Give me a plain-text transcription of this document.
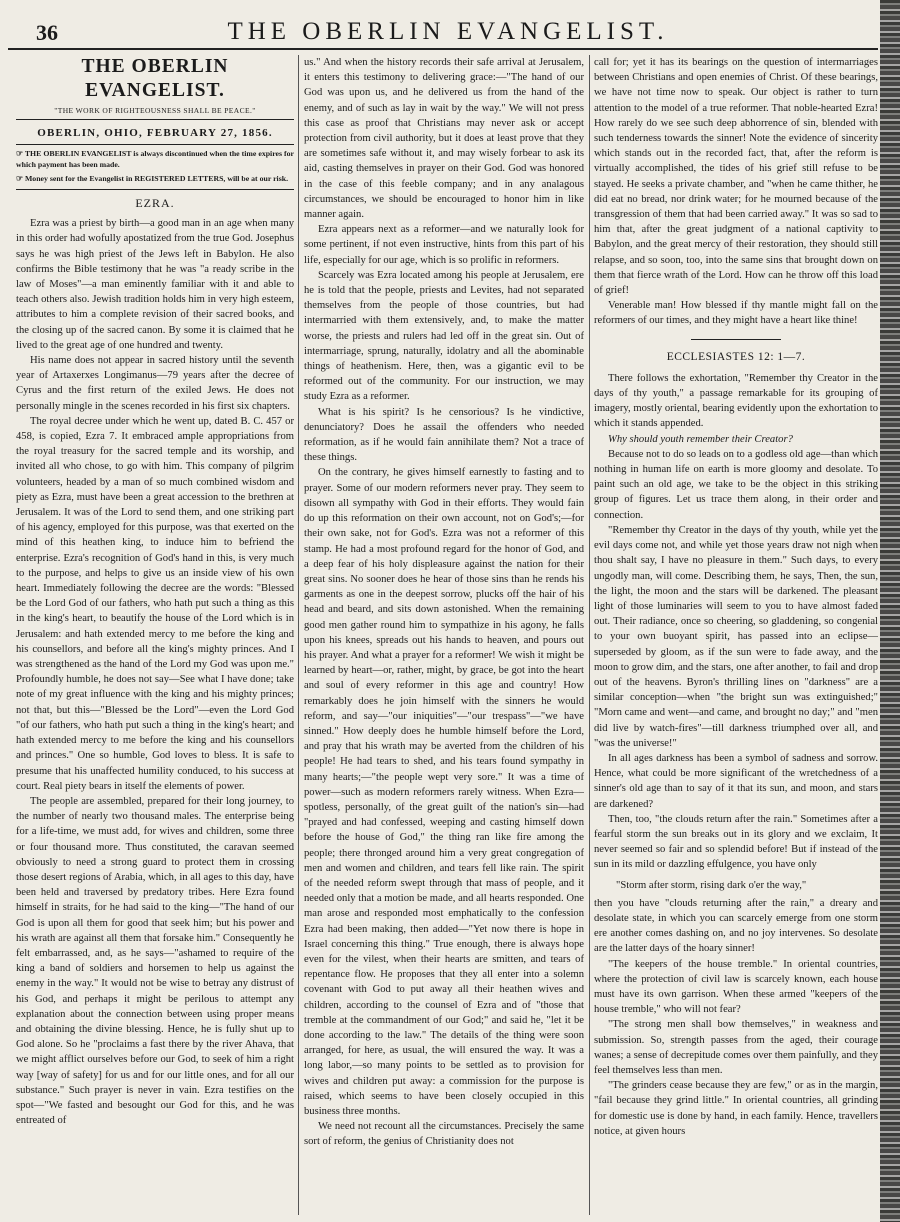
36	THE OBERLIN EVANGELIST.
THE OBERLIN EVANGELIST.
"THE WORK OF RIGHTEOUSNESS SHALL BE PEACE."
OBERLIN, OHIO, FEBRUARY 27, 1856.
☞ THE OBERLIN EVANGELIST is always discontinued when the time expires for which payment has been made.
☞ Money sent for the Evangelist in REGISTERED LETTERS, will be at our risk.
EZRA.

Ezra was a priest by birth—a good man in an age when many in this order had wofully apostatized from the true God. Josephus says he was high priest of the Jews left in Babylon. He also confirms the Bible testimony that he was "a ready scribe in the law of Moses"—a man eminently familiar with it and able to teach others also. Jewish tradition holds him in very high esteem, attributes to him a complete revision of their sacred books, and the closing up of the sacred canon. By some it is claimed that he lived to the great age of one hundred and twenty.

His name does not appear in sacred history until the seventh year of Artaxerxes Longimanus—79 years after the decree of Cyrus and the first return of the exiled Jews. He does not personally mingle in the scenes recorded in his first six chapters.

The royal decree under which he went up, dated B. C. 457 or 458, is copied, Ezra 7. It embraced ample appropriations from the royal treasury for the sacred temple and its worship, and invited all who chose, to go with him. This company of pilgrim volunteers, headed by a man of so much combined wisdom and piety as Ezra, must have been a great accession to the brethren at Jerusalem. It was of the Lord to send them, and one striking part of his agency, employed for this purpose, was that exerted on the mind of this heathen king, to induce him to befriend the enterprise. Ezra's recognition of God's hand in this, is very much to the purpose, and helps to give us an inside view of his own heart. Immediately following the decree are the words: "Blessed be the Lord God of our fathers, who hath put such a thing as this in the king's heart, to beautify the house of the Lord which is in Jerusalem: and hath extended mercy to me before the king and his counsellors, and before all the king's mighty princes. And I was strengthened as the hand of the Lord my God was upon me." Profoundly humble, he does not say—See what I have done; take note of my great influence with the king and his mighty princes; not that, but this—"Blessed be the Lord"—even the Lord God "of our fathers, who hath put such a thing in the king's heart; and hath extended mercy to me before the king and his counsellors and princes." One so humble, God loves to bless. It is safe to presume that his unaffected humility conduced, to his success at court. Real piety bears in itself the elements of power.

The people are assembled, prepared for their long journey, to the number of nearly two thousand males. The enterprise being for a life-time, we must add, for wives and children, some three or four thousand more. Thus constituted, the caravan seemed obviously to need a strong guard to protect them in crossing those desert regions of Arabia, which, in all ages to this day, have been held and traversed by predatory tribes. Here Ezra found himself in straits, for he had said to the king—"The hand of our God is upon all them for good that seek him; but his power and his wrath are against all them that forsake him." Consequently he felt embarrassed, and, as he says—"ashamed to require of the king a band of soldiers and horsemen to help us against the enemy in the way." It would not be wise to betray any distrust of his God, and perhaps it might be perilous to attempt any explanation about the connection between using proper means and obtaining the divine blessing. Hence, he is fully shut up to God alone. So he "proclaims a fast there by the river Ahava, that we might afflict ourselves before our God, to seek of him a right way [way of safety] for us and for our little ones, and for all our substance." Such prayer is never in vain. Ezra testifies on the spot—"We fasted and besought our God for this, and he was entreated of

us." And when the history records their safe arrival at Jerusalem, it enters this testimony to delivering grace:—"The hand of our God was upon us, and he delivered us from the hand of the enemy, and of such as lay in wait by the way." We will not press this case as proof that Christians may never ask or accept protection from civil authority, but it does at least prove that they are sometimes safe without it, and may wisely forbear to ask its aid, casting themselves in prayer on their God. God was honored in the case of this feeble company; and in any analagous circumstances, we should be encouraged to honor him in like manner again.

Ezra appears next as a reformer—and we naturally look for some pertinent, if not even instructive, hints from this part of his life, especially for our age, which is so prolific in reformers.

Scarcely was Ezra located among his people at Jerusalem, ere he is told that the people, priests and Levites, had not separated themselves from the people of those countries, but had intermarried with them extensively, and, to make the matter worse, the priests and rulers had led off in the great sin. Out of intermarriage, sprung, naturally, idolatry and all the abominable things of heathenism. Here, then, was a gigantic evil to be reformed out of the community. For our instruction, we may study Ezra as a reformer.

What is his spirit? Is he censorious? Is he vindictive, denunciatory? Does he assail the offenders who needed reformation, as if he would fain annihilate them? Not a trace of these things.

On the contrary, he gives himself earnestly to fasting and to prayer. Some of our modern reformers never pray. They seem to disown all sympathy with God in their efforts. They would fain do up this reformation on their own account, not on God's;—for their own sake, not for God's. Ezra was not a reformer of this stamp. He had a most profound regard for the honor of God, and a deep fear of his holy displeasure against the nation for their great sins. No sooner does he hear of those sins than he rends his garments as one in the deepest sorrow, plucks off the hair of his head and beard, and sits down astonished. When the remaining good men gather round him to sympathize in his agony, he falls upon his knees, spreads out his hands to heaven, and pours out his prayer. And what a prayer for a reformer! We wish it might be learned by heart—or, rather, might, by grace, be got into the heart and soul of every reformer in this age and country! How remarkably does he join himself with the sinners he would reform, and say—"our iniquities"—"our trespass"—"we have sinned." How deeply does he humble himself before the Lord, and pray that his wrath may be averted from the children of his people! He had tears to shed, and his tears found sympathy in many hearts;—"the people wept very sore." It was a time of power—such as modern reformers rarely witness. When Ezra—spotless, personally, of the great guilt of the nation's sin—had "prayed and had confessed, weeping and casting himself down before the house of God," the thing ran like fire among the people; there thronged around him a very great congregation of men and women and children, and tears fell like rain. The spirit of the needed reform swept through that mass of people, and it needed only that a motion be made, and all hearts responded. One man arose and responded most emphatically to the confession Ezra had been making, then added—"Yet now there is hope in Israel concerning this thing." True enough, there is always hope even for the vilest, when their hearts are smitten, and tears of repentance flow. He proposes that they all enter into a solemn covenant with God to put away all their heathen wives and children, according to the counsel of Ezra and of "those that tremble at the commandment of our God;" and said he, "let it be done according to the law." The details of the thing were soon arranged, for here, as usual, the will ensured the way. It was a long labor,—so many points to be settled as to provision for wives and children put away: a commission for the purpose is raised, which seems to have been closely occupied in this business three months.

We need not recount all the circumstances. Precisely the same sort of reform, the genius of Christianity does not

call for; yet it has its bearings on the question of intermarriages between Christians and open enemies of Christ. Of these bearings, we have not time now to speak. Our object is rather to turn attention to the model of a true reformer. That noble-hearted Ezra! How rarely do we see such deep abhorrence of sin, blended with such tenderness towards the sinner! Note the evidence of sincerity which stands out in the recorded fact, that, after the reform is virtually accomplished, the tides of his grief still refuse to be stayed. He seeks a private chamber, and "when he came thither, he did eat no bread, nor drink water; for he mourned because of the transgression of them that had been carried away." It was so sad to him that, after the great judgment of a national captivity to Babylon, and the great mercy of their restoration, they should still relapse, and so soon, too, into the same sins that brought down on them that fierce wrath of the Lord. How can he throw off this load of grief!

Venerable man! How blessed if thy mantle might fall on the reformers of our times, and they might have a heart like thine!

ECCLESIASTES 12: 1—7.

There follows the exhortation, "Remember thy Creator in the days of thy youth," a passage remarkable for its grouping of imagery, mostly oriental, bearing evidently upon the exhortation to which it stands appended.

Why should youth remember their Creator?

Because not to do so leads on to a godless old age—than which nothing in human life on earth is more gloomy and desolate. To paint such an old age, we take to be the object in this striking group of figures. Let us trace them along, in their order and connection.

"Remember thy Creator in the days of thy youth, while yet the evil days come not, and while yet those years draw not nigh when thou shalt say, I have no pleasure in them." Such days, to every ungodly man, will come. Describing them, he says, Then, the sun, the light, the moon and the stars will be darkened. The pleasant light of those luminaries will seem to you to have almost faded out. Their radiance, once so cheering, so gladdening, so congenial to your own buoyant spirit, has passed into an eclipse—superseded by gloom, as if the sun were to fade away, and the moon to grow dim, and the stars, one after another, to fail and drop out of the heavens. Byron's thrilling lines on "darkness" are a similar conception—when "the bright sun was extinguished;" "Morn came and went—and came, and brought no day;" and "men did live by watch-fires"—till darkness triumphed over all, and "was the universe!"

In all ages darkness has been a symbol of sadness and sorrow. Hence, what could be more significant of the wretchedness of a sinner's old age than to say of it that its sun, and moon, and stars are darkened?

Then, too, "the clouds return after the rain." Sometimes after a fearful storm the sun breaks out in its glory and we exclaim, It never seemed so fair and so splendid before! But if instead of the sun in its mild or dazzling effulgence, you have only

"Storm after storm, rising dark o'er the way,"

then you have "clouds returning after the rain," a dreary and desolate state, in which you can scarcely emerge from one storm ere another comes dashing on, and no joy intervenes. So desolate are the latter days of the hoary sinner!

"The keepers of the house tremble." In oriental countries, where the protection of civil law is scarcely known, each house must have its own garrison. When these armed "keepers of the house tremble," who will not fear?

"The strong men shall bow themselves," in weakness and submission. So, strength passes from the aged, their courage wanes; a sense of decrepitude comes over them painfully, and they feel themselves less than men.

"The grinders cease because they are few," or as in the margin, "fail because they grind little." In oriental countries, all grinding for domestic use is done by hand, in each family. Hence, travellers notice, at given hours
